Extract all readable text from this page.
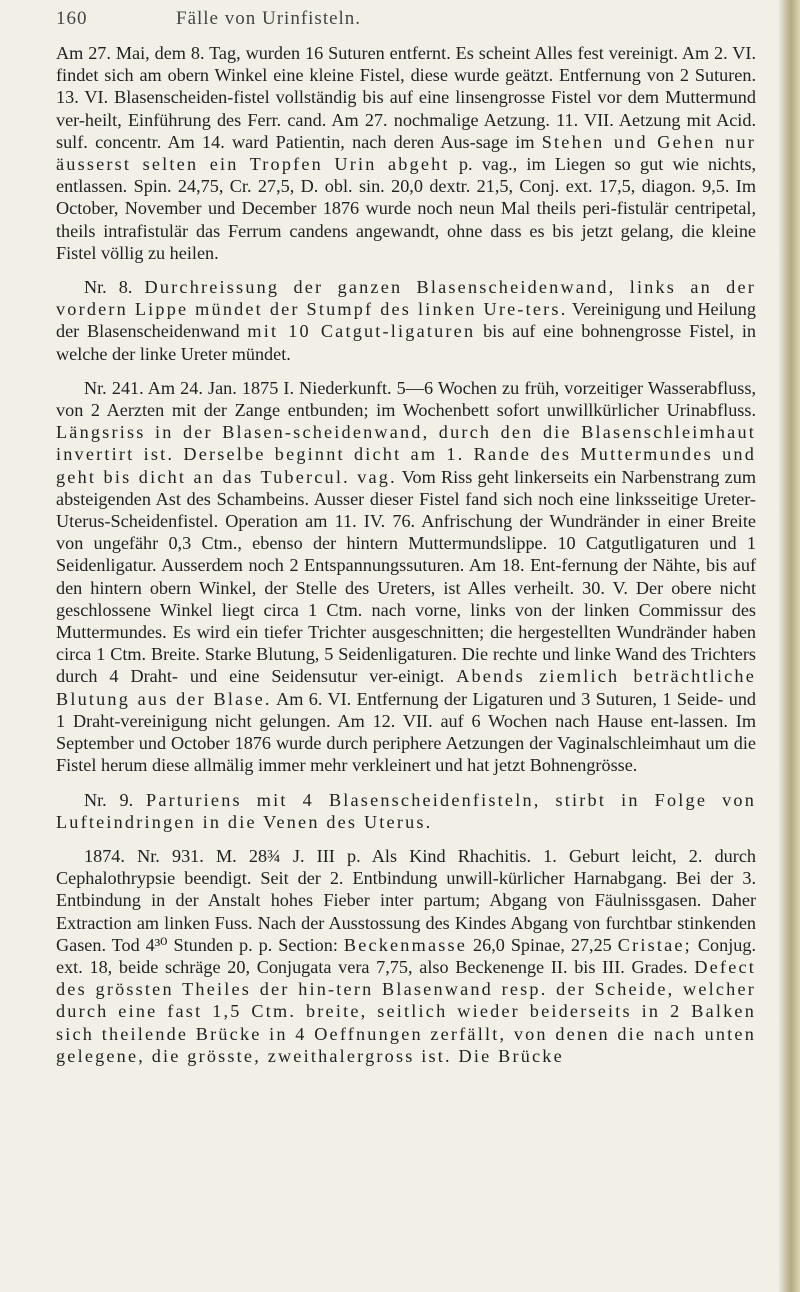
160	Fälle von Urinfisteln.

Am 27. Mai, dem 8. Tag, wurden 16 Suturen entfernt. Es scheint Alles fest vereinigt. Am 2. VI. findet sich am obern Winkel eine kleine Fistel, diese wurde geätzt. Entfernung von 2 Suturen. 13. VI. Blasenscheiden-fistel vollständig bis auf eine linsengrosse Fistel vor dem Muttermund ver-heilt, Einführung des Ferr. cand. Am 27. nochmalige Aetzung. 11. VII. Aetzung mit Acid. sulf. concentr. Am 14. ward Patientin, nach deren Aus-sage im Stehen und Gehen nur äusserst selten ein Tropfen Urin abgeht p. vag., im Liegen so gut wie nichts, entlassen. Spin. 24,75, Cr. 27,5, D. obl. sin. 20,0 dextr. 21,5, Conj. ext. 17,5, diagon. 9,5. Im October, November und December 1876 wurde noch neun Mal theils peri-fistulär centripetal, theils intrafistulär das Ferrum candens angewandt, ohne dass es bis jetzt gelang, die kleine Fistel völlig zu heilen.

Nr. 8. Durchreissung der ganzen Blasenscheidenwand, links an der vordern Lippe mündet der Stumpf des linken Ure-ters. Vereinigung und Heilung der Blasenscheidenwand mit 10 Catgut-ligaturen bis auf eine bohnengrosse Fistel, in welche der linke Ureter mündet.

Nr. 241. Am 24. Jan. 1875 I. Niederkunft. 5—6 Wochen zu früh, vorzeitiger Wasserabfluss, von 2 Aerzten mit der Zange entbunden; im Wochenbett sofort unwillkürlicher Urinabfluss. Längsriss in der Blasen-scheidenwand, durch den die Blasenschleimhaut invertirt ist. Derselbe beginnt dicht am 1. Rande des Muttermundes und geht bis dicht an das Tubercul. vag. Vom Riss geht linkerseits ein Narbenstrang zum absteigenden Ast des Schambeins. Ausser dieser Fistel fand sich noch eine linksseitige Ureter-Uterus-Scheidenfistel. Operation am 11. IV. 76. Anfrischung der Wundränder in einer Breite von ungefähr 0,3 Ctm., ebenso der hintern Muttermundslippe. 10 Catgutligaturen und 1 Seidenligatur. Ausserdem noch 2 Entspannungssuturen. Am 18. Ent-fernung der Nähte, bis auf den hintern obern Winkel, der Stelle des Ureters, ist Alles verheilt. 30. V. Der obere nicht geschlossene Winkel liegt circa 1 Ctm. nach vorne, links von der linken Commissur des Muttermundes. Es wird ein tiefer Trichter ausgeschnitten; die hergestellten Wundränder haben circa 1 Ctm. Breite. Starke Blutung, 5 Seidenligaturen. Die rechte und linke Wand des Trichters durch 4 Draht- und eine Seidensutur ver-einigt. Abends ziemlich beträchtliche Blutung aus der Blase. Am 6. VI. Entfernung der Ligaturen und 3 Suturen, 1 Seide- und 1 Draht-vereinigung nicht gelungen. Am 12. VII. auf 6 Wochen nach Hause ent-lassen. Im September und October 1876 wurde durch periphere Aetzungen der Vaginalschleimhaut um die Fistel herum diese allmälig immer mehr verkleinert und hat jetzt Bohnengrösse.

Nr. 9. Parturiens mit 4 Blasenscheidenfisteln, stirbt in Folge von Lufteindringen in die Venen des Uterus.

1874. Nr. 931. M. 28¾ J. III p. Als Kind Rhachitis. 1. Geburt leicht, 2. durch Cephalothrypsie beendigt. Seit der 2. Entbindung unwill-kürlicher Harnabgang. Bei der 3. Entbindung in der Anstalt hohes Fieber inter partum; Abgang von Fäulnissgasen. Daher Extraction am linken Fuss. Nach der Ausstossung des Kindes Abgang von furchtbar stinkenden Gasen. Tod 4³⁰ Stunden p. p. Section: Beckenmasse 26,0 Spinae, 27,25 Cristae; Conjug. ext. 18, beide schräge 20, Conjugata vera 7,75, also Beckenenge II. bis III. Grades. Defect des grössten Theiles der hin-tern Blasenwand resp. der Scheide, welcher durch eine fast 1,5 Ctm. breite, seitlich wieder beiderseits in 2 Balken sich theilende Brücke in 4 Oeffnungen zerfällt, von denen die nach unten gelegene, die grösste, zweithalergross ist. Die Brücke
